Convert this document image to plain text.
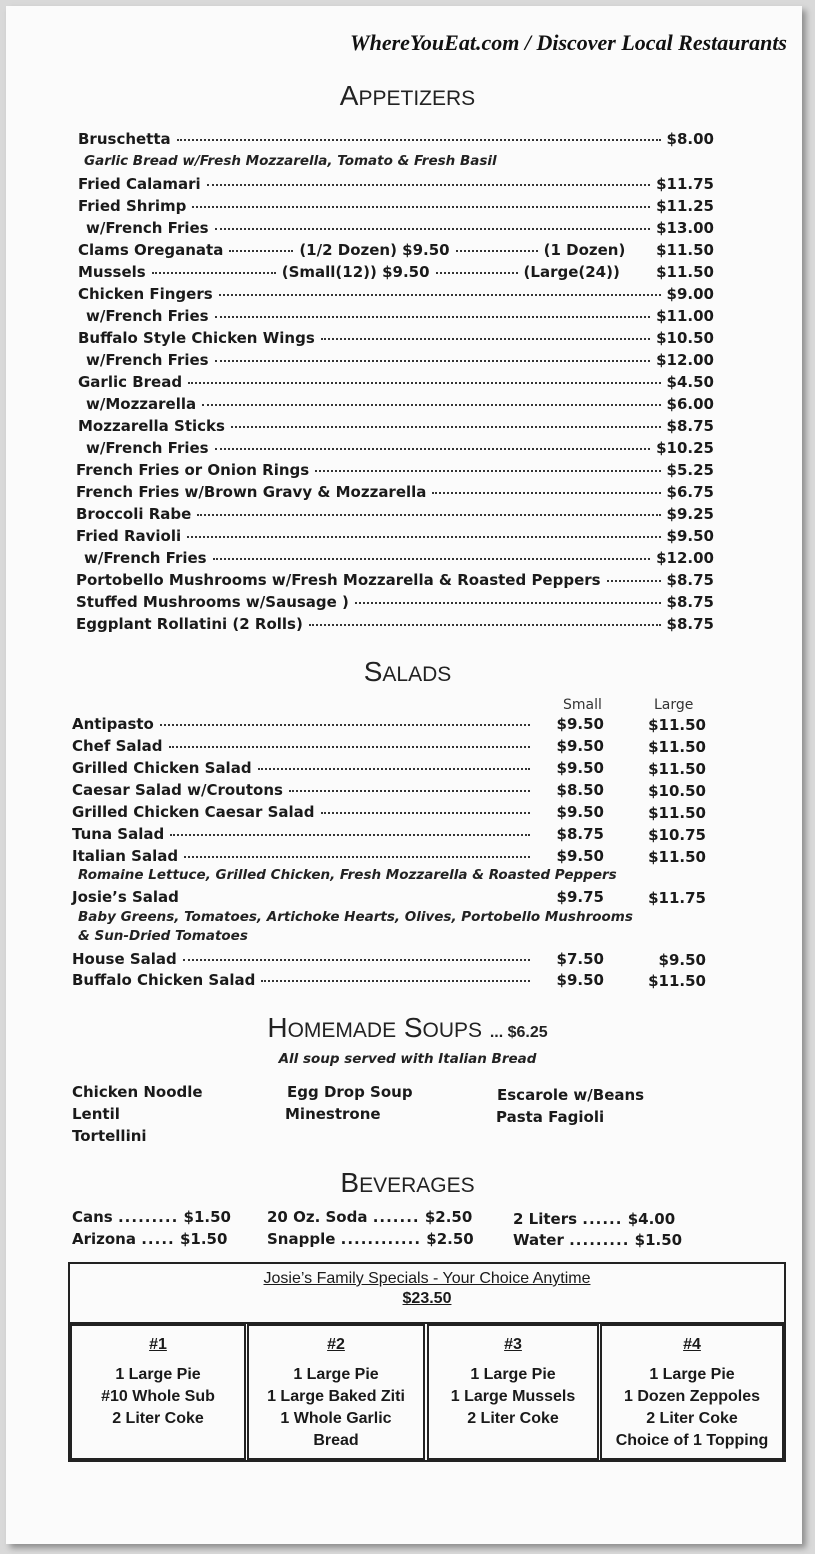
WhereYouEat.com / Discover Local Restaurants
APPETIZERS
Bruschetta	$8.00
Garlic Bread w/Fresh Mozzarella, Tomato & Fresh Basil
Fried Calamari	$11.75
Fried Shrimp	$11.25
w/French Fries	$13.00
Clams Oreganata	(1/2 Dozen) $9.50	(1 Dozen) $11.50
Mussels	(Small(12)) $9.50	(Large(24)) $11.50
Chicken Fingers	$9.00
w/French Fries	$11.00
Buffalo Style Chicken Wings	$10.50
w/French Fries	$12.00
Garlic Bread	$4.50
w/Mozzarella	$6.00
Mozzarella Sticks	$8.75
w/French Fries	$10.25
French Fries or Onion Rings	$5.25
French Fries w/Brown Gravy & Mozzarella	$6.75
Broccoli Rabe	$9.25
Fried Ravioli	$9.50
w/French Fries	$12.00
Portobello Mushrooms w/Fresh Mozzarella & Roasted Peppers	$8.75
Stuffed Mushrooms w/Sausage )	$8.75
Eggplant Rollatini (2 Rolls)	$8.75
SALADS
Small	Large
Antipasto	$9.50	$11.50
Chef Salad	$9.50	$11.50
Grilled Chicken Salad	$9.50	$11.50
Caesar Salad w/Croutons	$8.50	$10.50
Grilled Chicken Caesar Salad	$9.50	$11.50
Tuna Salad	$8.75	$10.75
Italian Salad	$9.50	$11.50
Josie’s Salad	$9.75	$11.75
House Salad	$7.50	$9.50
Buffalo Chicken Salad	$9.50	$11.50
Romaine Lettuce, Grilled Chicken, Fresh Mozzarella & Roasted Peppers
Baby Greens, Tomatoes, Artichoke Hearts, Olives, Portobello Mushrooms
& Sun-Dried Tomatoes
HOMEMADE SOUPS ... $6.25
All soup served with Italian Bread
Chicken Noodle
Lentil
Tortellini
Egg Drop Soup
Minestrone
Escarole w/Beans
Pasta Fagioli
BEVERAGES
Cans ......... $1.50
Arizona ..... $1.50
20 Oz. Soda ....... $2.50
Snapple ............ $2.50
2 Liters ...... $4.00
Water ......... $1.50
Josie’s Family Specials - Your Choice Anytime
$23.50
#1
1 Large Pie
#10 Whole Sub
2 Liter Coke
#2
1 Large Pie
1 Large Baked Ziti
1 Whole Garlic
Bread
#3
1 Large Pie
1 Large Mussels
2 Liter Coke
#4
1 Large Pie
1 Dozen Zeppoles
2 Liter Coke
Choice of 1 Topping
